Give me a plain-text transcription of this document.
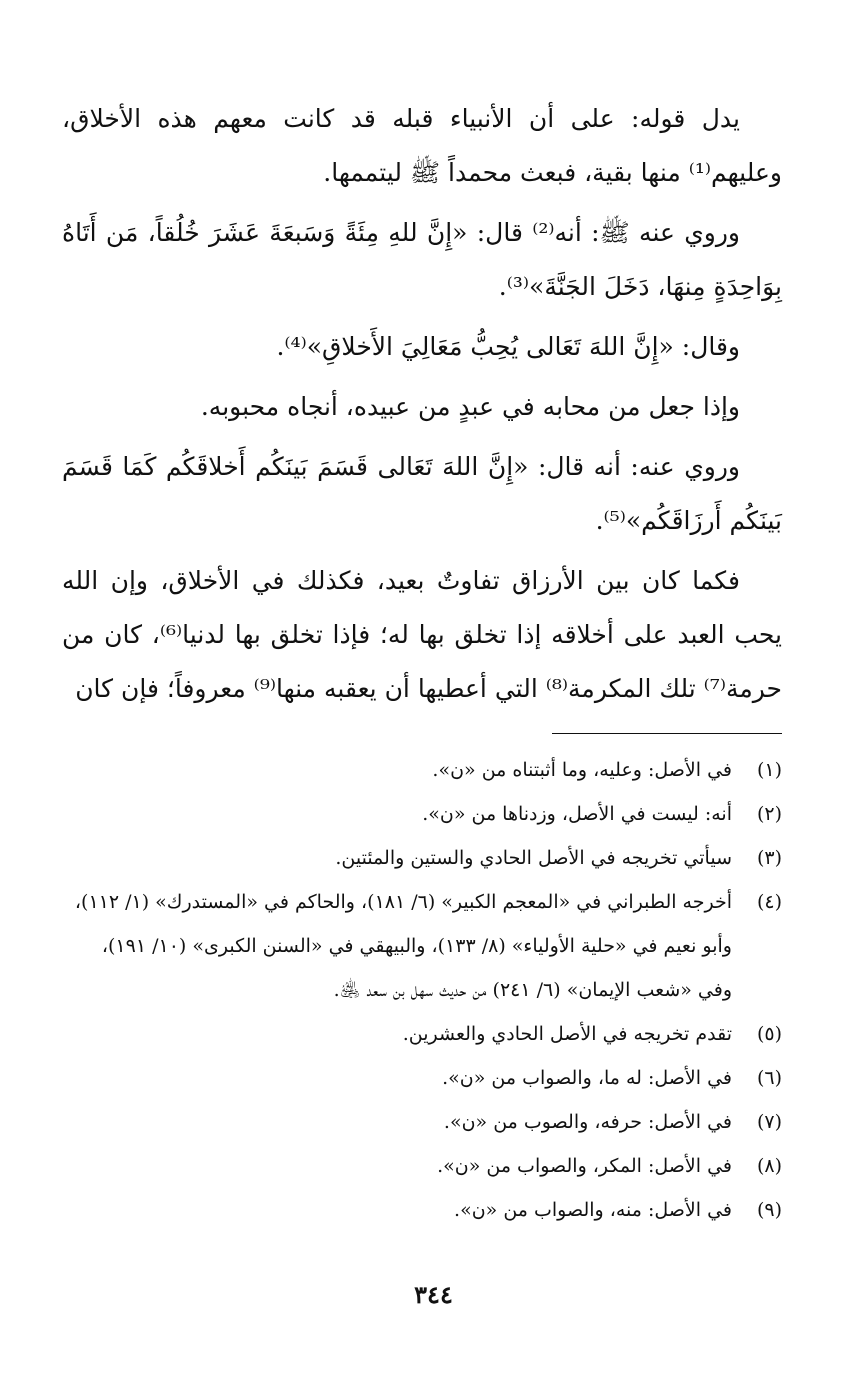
يدل قوله: على أن الأنبياء قبله قد كانت معهم هذه الأخلاق، وعليهم⁽¹⁾ منها بقية، فبعث محمداً ﷺ ليتممها.

وروي عنه ﷺ: أنه⁽²⁾ قال: «إِنَّ للهِ مِئَةً وَسَبعَةَ عَشَرَ خُلُقاً، مَن أَتَاهُ بِوَاحِدَةٍ مِنهَا، دَخَلَ الجَنَّةَ»⁽³⁾.

وقال: «إِنَّ اللهَ تَعَالى يُحِبُّ مَعَالِيَ الأَخلاقِ»⁽⁴⁾.

وإذا جعل من محابه في عبدٍ من عبيده، أنجاه محبوبه.

وروي عنه: أنه قال: «إِنَّ اللهَ تَعَالى قَسَمَ بَينَكُم أَخلاقَكُم كَمَا قَسَمَ بَينَكُم أَرزَاقَكُم»⁽⁵⁾.

فكما كان بين الأرزاق تفاوتٌ بعيد، فكذلك في الأخلاق، وإن الله يحب العبد على أخلاقه إذا تخلق بها له؛ فإذا تخلق بها لدنيا⁽⁶⁾، كان من حرمة⁽⁷⁾ تلك المكرمة⁽⁸⁾ التي أعطيها أن يعقبه منها⁽⁹⁾ معروفاً؛ فإن كان

(١)
في الأصل: وعليه، وما أثبتناه من «ن».
(٢)
أنه: ليست في الأصل، وزدناها من «ن».
(٣)
سيأتي تخريجه في الأصل الحادي والستين والمئتين.
(٤)
أخرجه الطبراني في «المعجم الكبير» (٦/ ١٨١)، والحاكم في «المستدرك» (١/ ١١٢)، وأبو نعيم في «حلية الأولياء» (٨/ ١٣٣)، والبيهقي في «السنن الكبرى» (١٠/ ١٩١)، وفي «شعب الإيمان» (٦/ ٢٤١) من حديث سهل بن سعد ﵁.
(٥)
تقدم تخريجه في الأصل الحادي والعشرين.
(٦)
في الأصل: له ما، والصواب من «ن».
(٧)
في الأصل: حرفه، والصوب من «ن».
(٨)
في الأصل: المكر، والصواب من «ن».
(٩)
في الأصل: منه، والصواب من «ن».
٣٤٤
